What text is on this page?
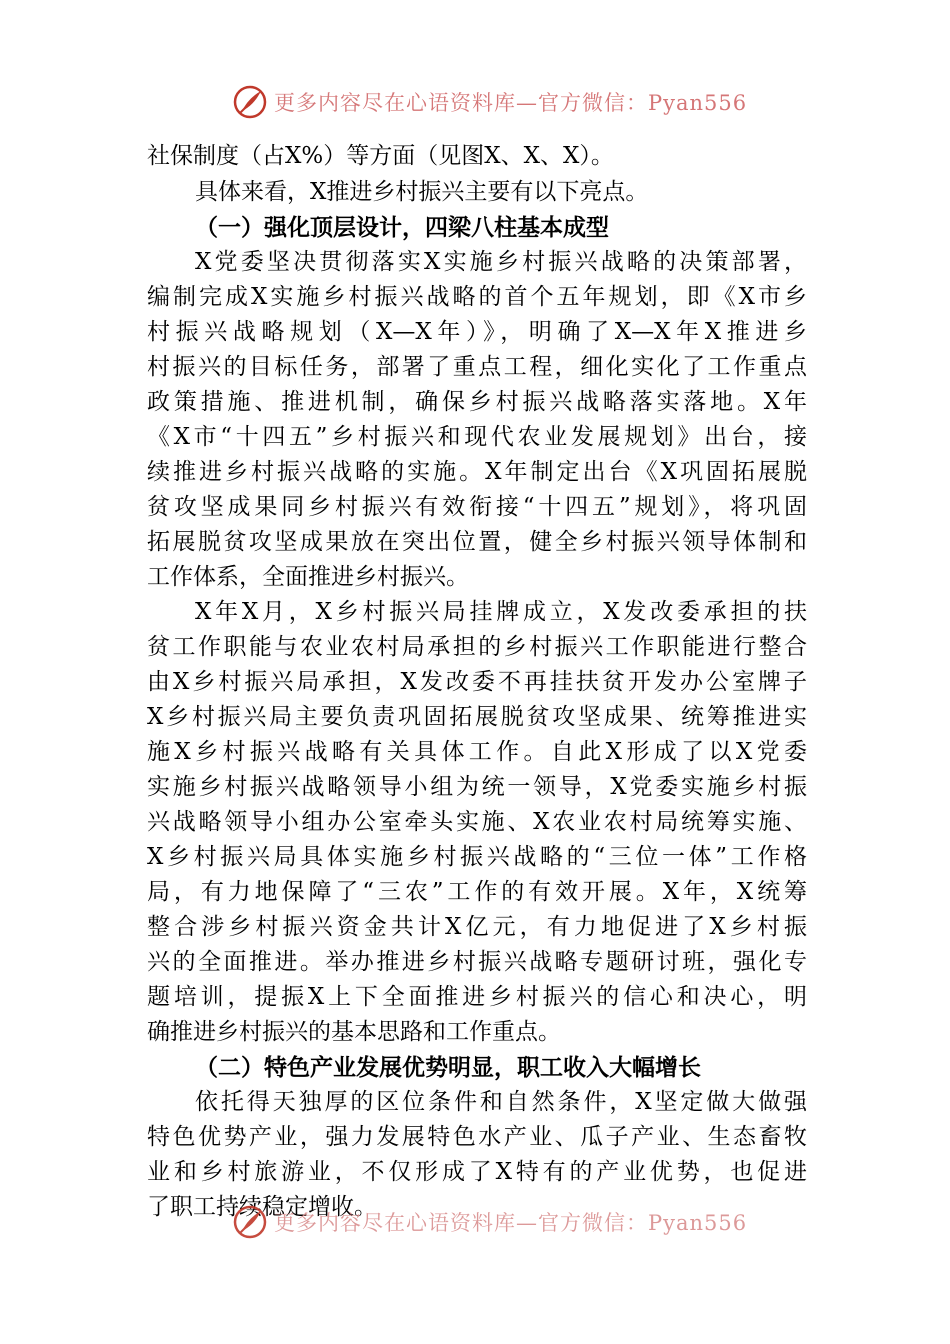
更多内容尽在心语资料库—官方微信：Pyan556
社保制度（占X%）等方面（见图X、X、X）。
具体来看，X推进乡村振兴主要有以下亮点。
（一）强化顶层设计，四梁八柱基本成型
X党委坚决贯彻落实X实施乡村振兴战略的决策部署，
编制完成X实施乡村振兴战略的首个五年规划，即《X市乡
村振兴战略规划（X—X年）》，明确了X—X年X推进乡
村振兴的目标任务，部署了重点工程，细化实化了工作重点
政策措施、推进机制，确保乡村振兴战略落实落地。X年
《X市“十四五”乡村振兴和现代农业发展规划》出台，接
续推进乡村振兴战略的实施。X年制定出台《X巩固拓展脱
贫攻坚成果同乡村振兴有效衔接“十四五”规划》，将巩固
拓展脱贫攻坚成果放在突出位置，健全乡村振兴领导体制和
工作体系，全面推进乡村振兴。
X年X月，X乡村振兴局挂牌成立，X发改委承担的扶
贫工作职能与农业农村局承担的乡村振兴工作职能进行整合
由X乡村振兴局承担，X发改委不再挂扶贫开发办公室牌子
X乡村振兴局主要负责巩固拓展脱贫攻坚成果、统筹推进实
施X乡村振兴战略有关具体工作。自此X形成了以X党委
实施乡村振兴战略领导小组为统一领导，X党委实施乡村振
兴战略领导小组办公室牵头实施、X农业农村局统筹实施、
X乡村振兴局具体实施乡村振兴战略的“三位一体”工作格
局，有力地保障了“三农”工作的有效开展。X年，X统筹
整合涉乡村振兴资金共计X亿元，有力地促进了X乡村振
兴的全面推进。举办推进乡村振兴战略专题研讨班，强化专
题培训，提振X上下全面推进乡村振兴的信心和决心，明
确推进乡村振兴的基本思路和工作重点。
（二）特色产业发展优势明显，职工收入大幅增长
依托得天独厚的区位条件和自然条件，X坚定做大做强
特色优势产业，强力发展特色水产业、瓜子产业、生态畜牧
业和乡村旅游业，不仅形成了X特有的产业优势，也促进
了职工持续稳定增收。
更多内容尽在心语资料库—官方微信：Pyan556
